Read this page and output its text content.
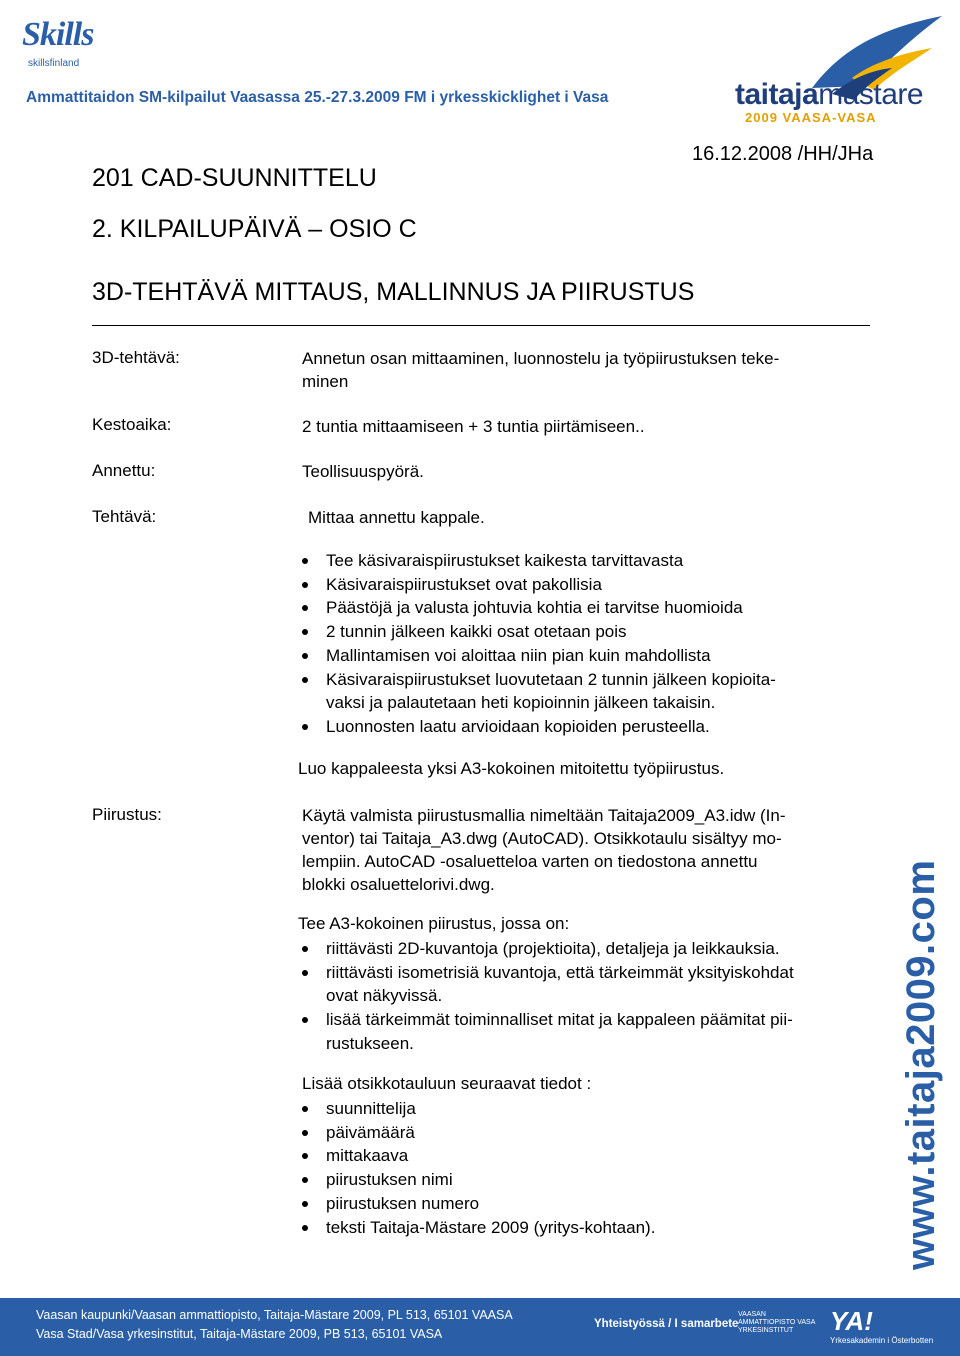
Skills
skillsfinland
Ammattitaidon SM-kilpailut Vaasassa 25.-27.3.2009 FM i yrkesskicklighet i Vasa	taitajamästare
2009 VAASA-VASA
16.12.2008 /HH/JHa
201 CAD-SUUNNITTELU
2. KILPAILUPÄIVÄ – OSIO C
3D-TEHTÄVÄ MITTAUS, MALLINNUS JA PIIRUSTUS
3D-tehtävä:	Annetun osan mittaaminen, luonnostelu ja työpiirustuksen teke-
minen
Kestoaika:	2 tuntia mittaamiseen + 3 tuntia piirtämiseen..
Annettu:	Teollisuuspyörä.
Tehtävä:	Mittaa annettu kappale.
Tee käsivaraispiirustukset kaikesta tarvittavasta
Käsivaraispiirustukset ovat pakollisia
Päästöjä ja valusta johtuvia kohtia ei tarvitse huomioida
2 tunnin jälkeen kaikki osat otetaan pois
Mallintamisen voi aloittaa niin pian kuin mahdollista
Käsivaraispiirustukset luovutetaan 2 tunnin jälkeen kopioita-
vaksi ja palautetaan heti kopioinnin jälkeen takaisin.
Luonnosten laatu arvioidaan kopioiden perusteella.
Luo kappaleesta yksi A3-kokoinen mitoitettu työpiirustus.
Piirustus:	Käytä valmista piirustusmallia nimeltään Taitaja2009_A3.idw (In-
ventor) tai Taitaja_A3.dwg (AutoCAD). Otsikkotaulu sisältyy mo-
lempiin. AutoCAD -osaluetteloa varten on tiedostona annettu
blokki osaluettelorivi.dwg.
Tee A3-kokoinen piirustus, jossa on:
riittävästi 2D-kuvantoja (projektioita), detaljeja ja leikkauksia.
riittävästi isometrisiä kuvantoja, että tärkeimmät yksityiskohdat
ovat näkyvissä.
lisää tärkeimmät toiminnalliset mitat ja kappaleen päämitat pii-
rustukseen.
Lisää otsikkotauluun seuraavat tiedot :
suunnittelija
päivämäärä
mittakaava
piirustuksen nimi
piirustuksen numero
teksti Taitaja-Mästare 2009 (yritys-kohtaan).	www.taitaja2009.com
Vaasan kaupunki/Vaasan ammattiopisto, Taitaja-Mästare 2009, PL 513, 65101 VAASA
Vasa Stad/Vasa yrkesinstitut, Taitaja-Mästare 2009, PB 513, 65101 VASA
Yhteistyössä / I samarbete
VAASAN AMMATTIOPISTO VASA YRKESINSTITUT	YA!
Yrkesakademin i Österbotten
